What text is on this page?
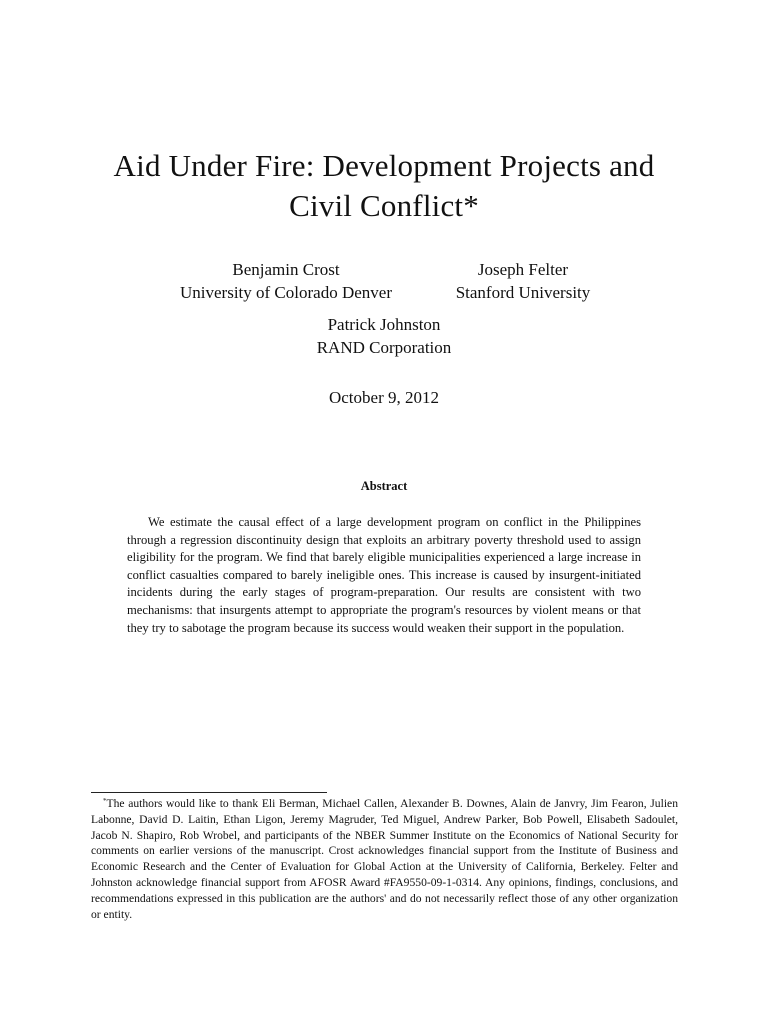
Aid Under Fire: Development Projects and
Civil Conflict*
Benjamin Crost
University of Colorado Denver
Joseph Felter
Stanford University
Patrick Johnston
RAND Corporation
October 9, 2012
Abstract

We estimate the causal effect of a large development program on conflict in the Philippines through a regression discontinuity design that exploits an arbitrary poverty threshold used to assign eligibility for the program. We find that barely eligible municipalities experienced a large increase in conflict casualties compared to barely ineligible ones. This increase is caused by insurgent-initiated incidents during the early stages of program-preparation. Our results are consistent with two mechanisms: that insurgents attempt to appropriate the program's resources by violent means or that they try to sabotage the program because its success would weaken their support in the population.

*The authors would like to thank Eli Berman, Michael Callen, Alexander B. Downes, Alain de Janvry, Jim Fearon, Julien Labonne, David D. Laitin, Ethan Ligon, Jeremy Magruder, Ted Miguel, Andrew Parker, Bob Powell, Elisabeth Sadoulet, Jacob N. Shapiro, Rob Wrobel, and participants of the NBER Summer Institute on the Economics of National Security for comments on earlier versions of the manuscript. Crost acknowledges financial support from the Institute of Business and Economic Research and the Center of Evaluation for Global Action at the University of California, Berkeley. Felter and Johnston acknowledge financial support from AFOSR Award #FA9550-09-1-0314. Any opinions, findings, conclusions, and recommendations expressed in this publication are the authors' and do not necessarily reflect those of any other organization or entity.
